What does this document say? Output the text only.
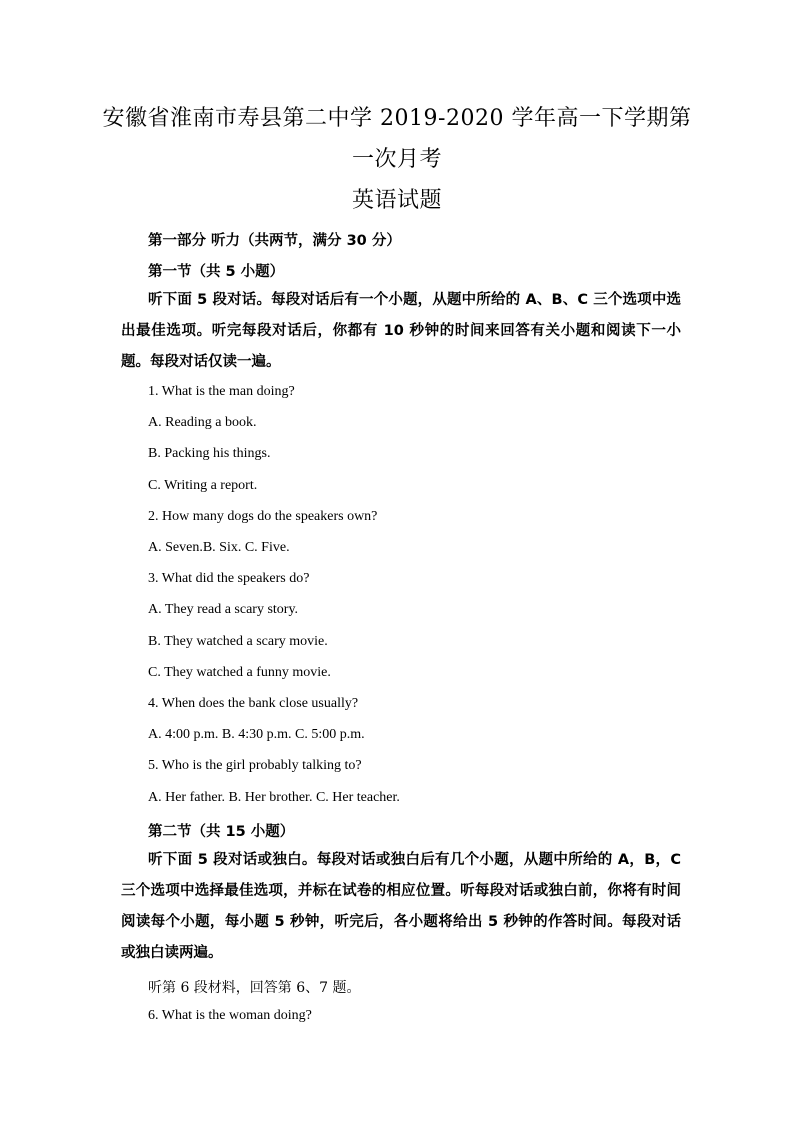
安徽省淮南市寿县第二中学 2019-2020 学年高一下学期第
一次月考
英语试题
第一部分 听力（共两节，满分 30 分）
第一节（共 5 小题）
听下面 5 段对话。每段对话后有一个小题，从题中所给的 A、B、C 三个选项中选出最佳选项。听完每段对话后，你都有 10 秒钟的时间来回答有关小题和阅读下一小题。每段对话仅读一遍。
1. What is the man doing?
A. Reading a book.
B. Packing his things.
C. Writing a report.
2. How many dogs do the speakers own?
A. Seven.B. Six. C. Five.
3. What did the speakers do?
A. They read a scary story.
B. They watched a scary movie.
C. They watched a funny movie.
4. When does the bank close usually?
A. 4:00 p.m. B. 4:30 p.m. C. 5:00 p.m.
5. Who is the girl probably talking to?
A. Her father. B. Her brother. C. Her teacher.
第二节（共 15 小题）
听下面 5 段对话或独白。每段对话或独白后有几个小题，从题中所给的 A，B，C 三个选项中选择最佳选项，并标在试卷的相应位置。听每段对话或独白前，你将有时间阅读每个小题，每小题 5 秒钟，听完后，各小题将给出 5 秒钟的作答时间。每段对话或独白读两遍。
听第 6 段材料，回答第 6、7 题。
6. What is the woman doing?
